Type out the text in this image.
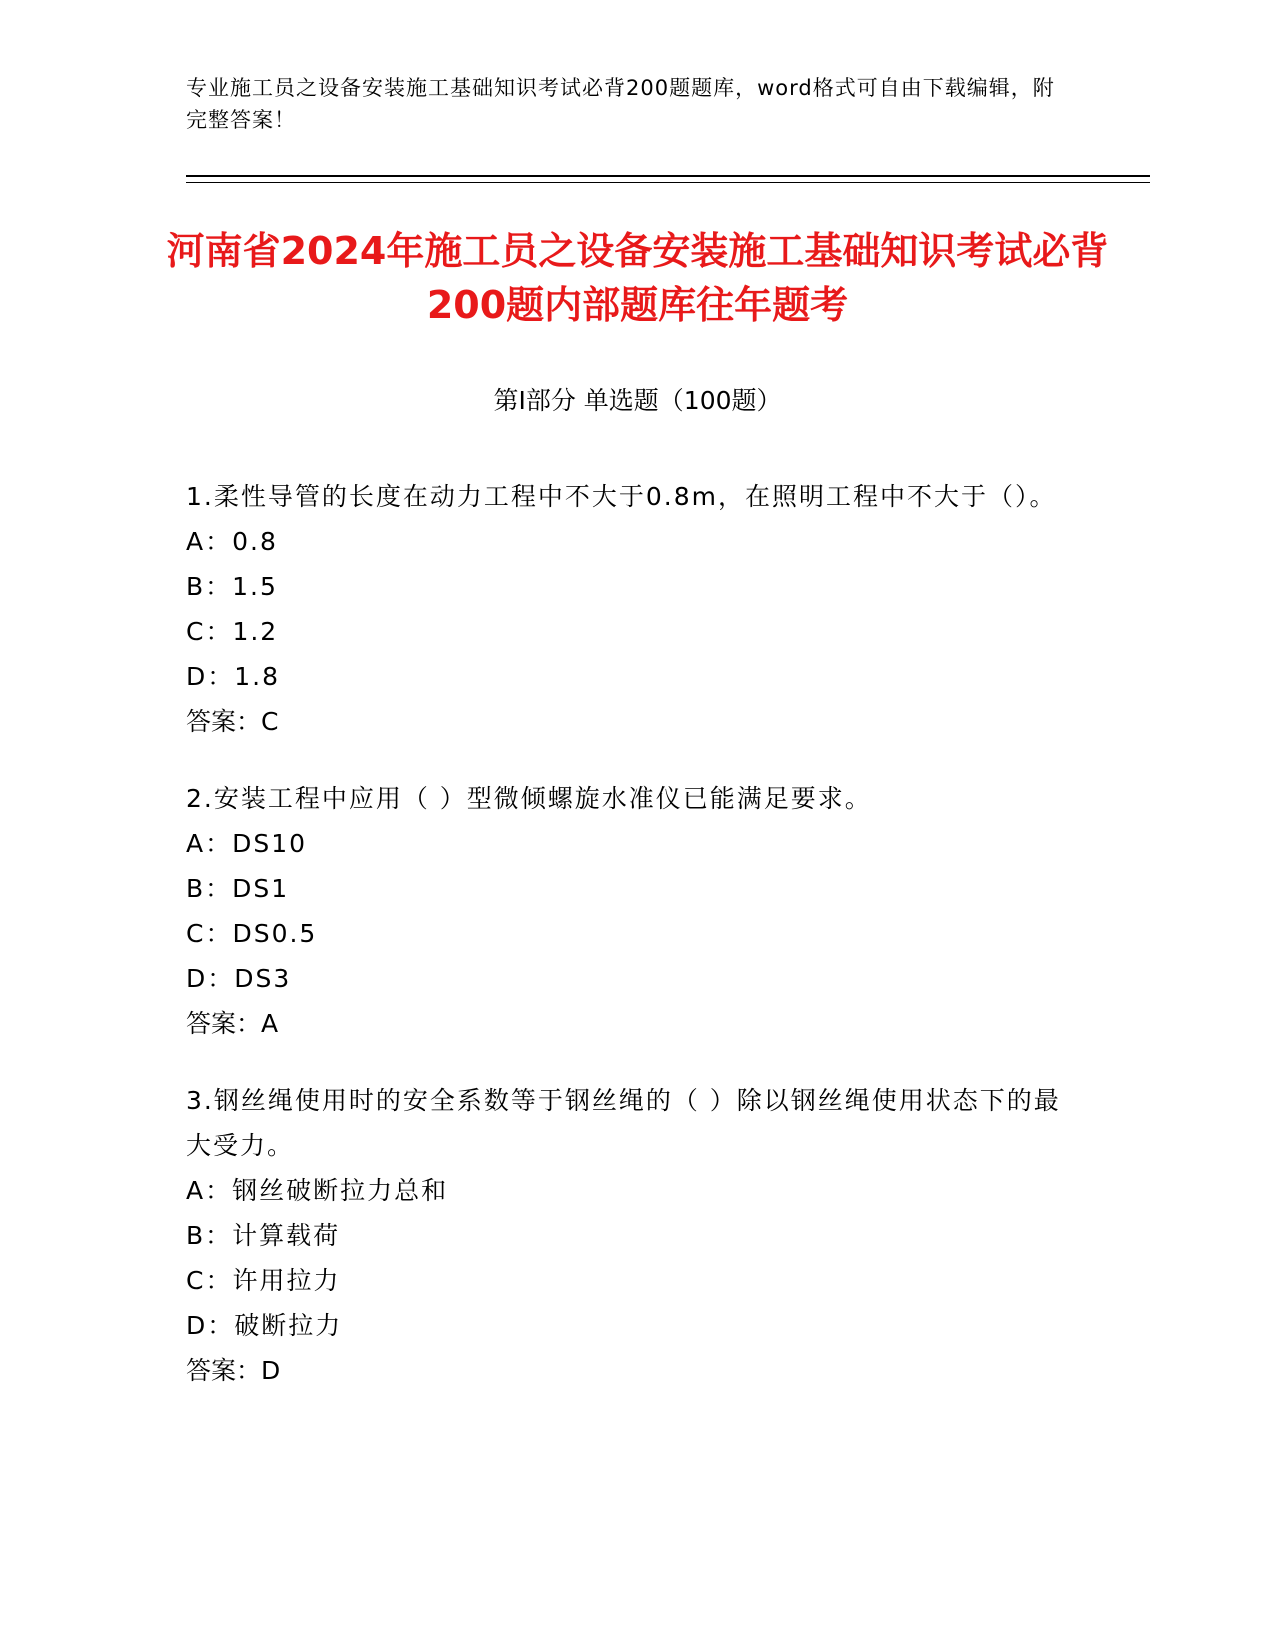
专业施工员之设备安装施工基础知识考试必背200题题库，word格式可自由下载编辑，附完整答案！
河南省2024年施工员之设备安装施工基础知识考试必背200题内部题库往年题考
第I部分 单选题（100题）
1.柔性导管的长度在动力工程中不大于0.8m，在照明工程中不大于（）。
A：0.8
B：1.5
C：1.2
D：1.8
答案：C
2.安装工程中应用（ ）型微倾螺旋水准仪已能满足要求。
A：DS10
B：DS1
C：DS0.5
D：DS3
答案：A
3.钢丝绳使用时的安全系数等于钢丝绳的（ ）除以钢丝绳使用状态下的最大受力。
A：钢丝破断拉力总和
B：计算载荷
C：许用拉力
D：破断拉力
答案：D
